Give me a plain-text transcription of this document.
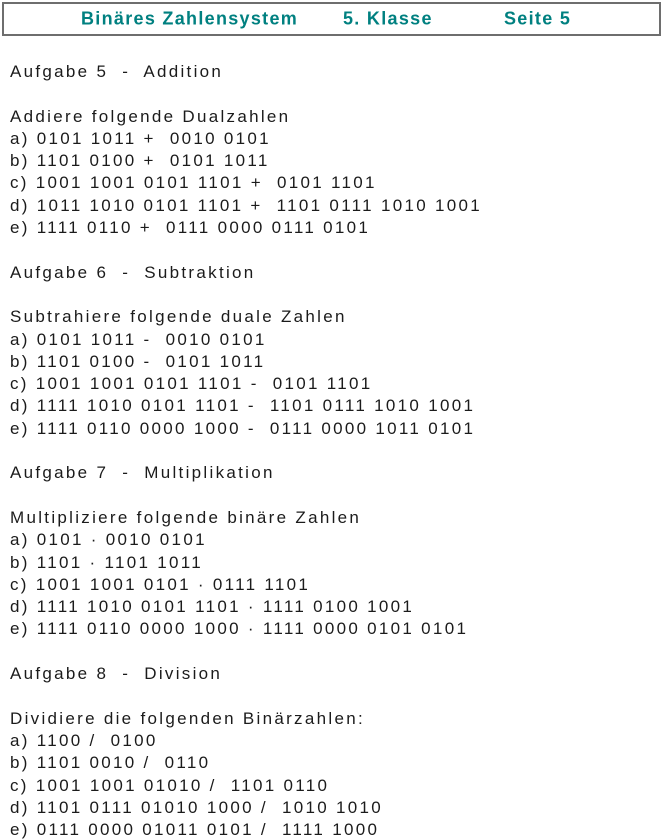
Binäres Zahlensystem 5. Klasse	Seite 5
Aufgabe 5  -  Addition
Addiere folgende Dualzahlen
a) 0101 1011 +  0010 0101
b) 1101 0100 +  0101 1011
c) 1001 1001 0101 1101 +  0101 1101
d) 1011 1010 0101 1101 +  1101 0111 1010 1001
e) 1111 0110 +  0111 0000 0111 0101
Aufgabe 6  -  Subtraktion
Subtrahiere folgende duale Zahlen
a) 0101 1011 -  0010 0101
b) 1101 0100 -  0101 1011
c) 1001 1001 0101 1101 -  0101 1101
d) 1111 1010 0101 1101 -  1101 0111 1010 1001
e) 1111 0110 0000 1000 -  0111 0000 1011 0101
Aufgabe 7  -  Multiplikation
Multipliziere folgende binäre Zahlen
a) 0101 · 0010 0101
b) 1101 · 1101 1011
c) 1001 1001 0101 · 0111 1101
d) 1111 1010 0101 1101 · 1111 0100 1001
e) 1111 0110 0000 1000 · 1111 0000 0101 0101
Aufgabe 8  -  Division
Dividiere die folgenden Binärzahlen:
a) 1100 /  0100
b) 1101 0010 /  0110
c) 1001 1001 01010 /  1101 0110
d) 1101 0111 01010 1000 /  1010 1010
e) 0111 0000 01011 0101 /  1111 1000
